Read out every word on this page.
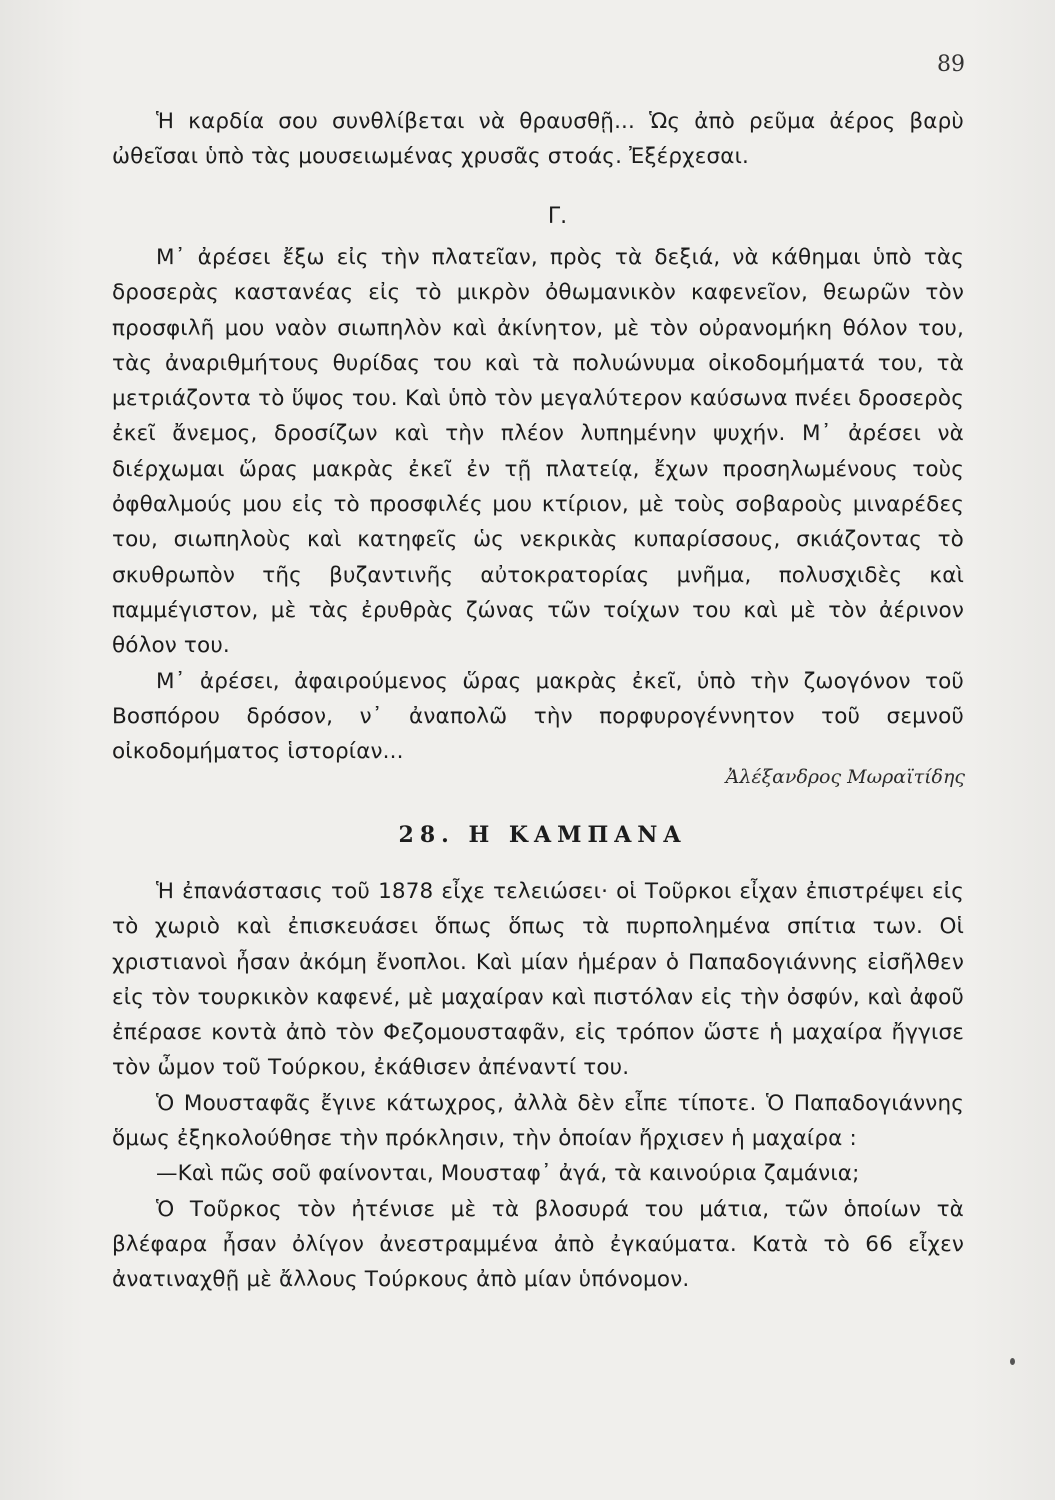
89

Ἡ καρδία σου συνθλίβεται νὰ θραυσθῇ... Ὡς ἀπὸ ρεῦμα ἀέρος βαρὺ ὠθεῖσαι ὑπὸ τὰς μουσειωμένας χρυσᾶς στοάς. Ἐξέρχεσαι.

Γ.

Μ᾿ ἀρέσει ἔξω εἰς τὴν πλατεῖαν, πρὸς τὰ δεξιά, νὰ κάθημαι ὑπὸ τὰς δροσερὰς καστανέας εἰς τὸ μικρὸν ὀθωμανικὸν καφενεῖον, θεωρῶν τὸν προσφιλῆ μου ναὸν σιωπηλὸν καὶ ἀκίνητον, μὲ τὸν οὐρανομήκη θόλον του, τὰς ἀναριθμήτους θυρίδας του καὶ τὰ πολυώνυμα οἰκοδομήματά του, τὰ μετριάζοντα τὸ ὕψος του. Καὶ ὑπὸ τὸν μεγαλύτερον καύσωνα πνέει δροσερὸς ἐκεῖ ἄνεμος, δροσίζων καὶ τὴν πλέον λυπημένην ψυχήν. Μ᾿ ἀρέσει νὰ διέρχωμαι ὥρας μακρὰς ἐκεῖ ἐν τῇ πλατείᾳ, ἔχων προσηλωμένους τοὺς ὀφθαλμούς μου εἰς τὸ προσφιλές μου κτίριον, μὲ τοὺς σοβαροὺς μιναρέδες του, σιωπηλοὺς καὶ κατηφεῖς ὡς νεκρικὰς κυπαρίσσους, σκιάζοντας τὸ σκυθρωπὸν τῆς βυζαντινῆς αὐτοκρατορίας μνῆμα, πολυσχιδὲς καὶ παμμέγιστον, μὲ τὰς ἐρυθρὰς ζώνας τῶν τοίχων του καὶ μὲ τὸν ἀέρινον θόλον του.

Μ᾿ ἀρέσει, ἀφαιρούμενος ὥρας μακρὰς ἐκεῖ, ὑπὸ τὴν ζωογόνον τοῦ Βοσπόρου δρόσον, ν᾿ ἀναπολῶ τὴν πορφυρογέννητον τοῦ σεμνοῦ οἰκοδομήματος ἱστορίαν...

Ἀλέξανδρος Μωραϊτίδης
28. Η ΚΑΜΠΑΝΑ

Ἡ ἐπανάστασις τοῦ 1878 εἶχε τελειώσει· οἱ Τοῦρκοι εἶχαν ἐπιστρέψει εἰς τὸ χωριὸ καὶ ἐπισκευάσει ὅπως ὅπως τὰ πυρπολημένα σπίτια των. Οἱ χριστιανοὶ ἦσαν ἀκόμη ἔνοπλοι. Καὶ μίαν ἡμέραν ὁ Παπαδογιάννης εἰσῆλθεν εἰς τὸν τουρκικὸν καφενέ, μὲ μαχαίραν καὶ πιστόλαν εἰς τὴν ὀσφύν, καὶ ἀφοῦ ἐπέρασε κοντὰ ἀπὸ τὸν Φεζομουσταφᾶν, εἰς τρόπον ὥστε ἡ μαχαίρα ἤγγισε τὸν ὦμον τοῦ Τούρκου, ἐκάθισεν ἀπέναντί του.

Ὁ Μουσταφᾶς ἔγινε κάτωχρος, ἀλλὰ δὲν εἶπε τίποτε. Ὁ Παπαδογιάννης ὅμως ἐξηκολούθησε τὴν πρόκλησιν, τὴν ὁποίαν ἤρχισεν ἡ μαχαίρα :

—Καὶ πῶς σοῦ φαίνονται, Μουσταφ᾿ ἀγά, τὰ καινούρια ζαμάνια;

Ὁ Τοῦρκος τὸν ἠτένισε μὲ τὰ βλοσυρά του μάτια, τῶν ὁποίων τὰ βλέφαρα ἦσαν ὀλίγον ἀνεστραμμένα ἀπὸ ἐγκαύματα. Κατὰ τὸ 66 εἶχεν ἀνατιναχθῇ μὲ ἄλλους Τούρκους ἀπὸ μίαν ὑπόνομον.
